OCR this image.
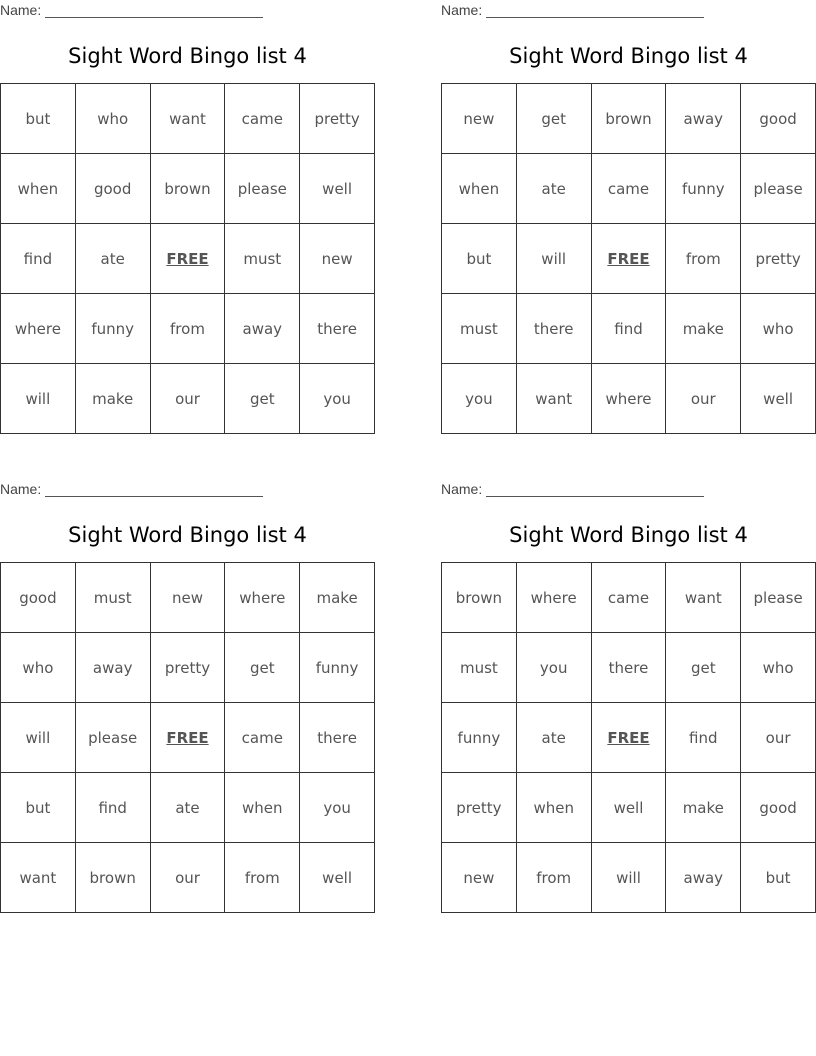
Name:
Sight Word Bingo list 4
but	who	want	came	pretty
when	good	brown	please	well
find	ate	FREE	must	new
where	funny	from	away	there
will	make	our	get	you
Name:
Sight Word Bingo list 4
new	get	brown	away	good
when	ate	came	funny	please
but	will	FREE	from	pretty
must	there	find	make	who
you	want	where	our	well
Name:
Sight Word Bingo list 4
good	must	new	where	make
who	away	pretty	get	funny
will	please	FREE	came	there
but	find	ate	when	you
want	brown	our	from	well
Name:
Sight Word Bingo list 4
brown	where	came	want	please
must	you	there	get	who
funny	ate	FREE	find	our
pretty	when	well	make	good
new	from	will	away	but
